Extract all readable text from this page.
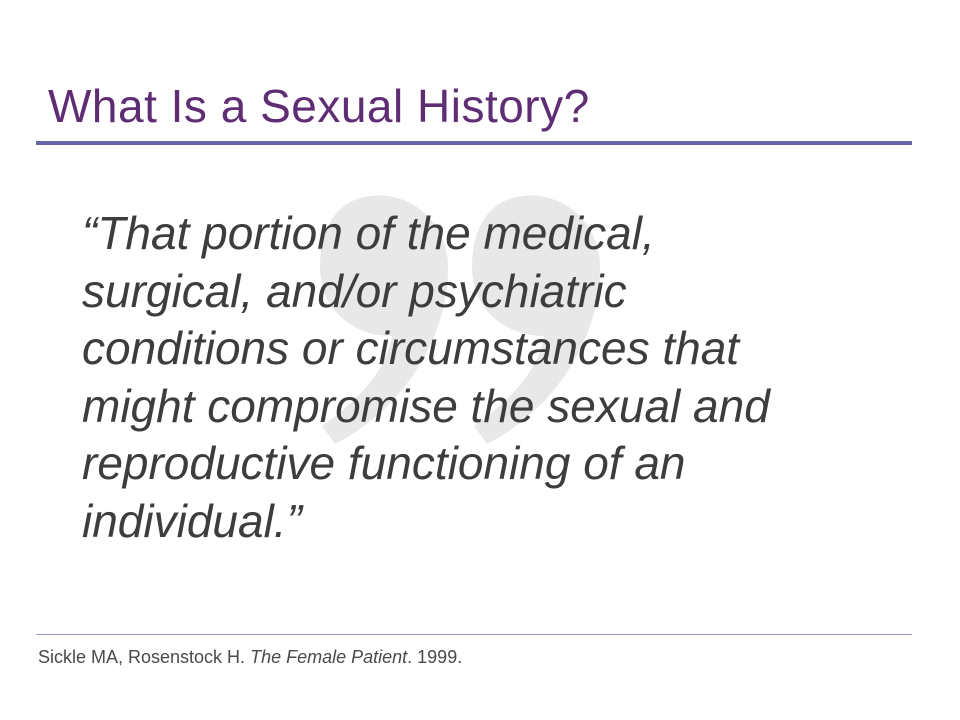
What Is a Sexual History?

“That portion of the medical,
surgical, and/or psychiatric
conditions or circumstances that
might compromise the sexual and
reproductive functioning of an
individual.”

Sickle MA, Rosenstock H. The Female Patient. 1999.
